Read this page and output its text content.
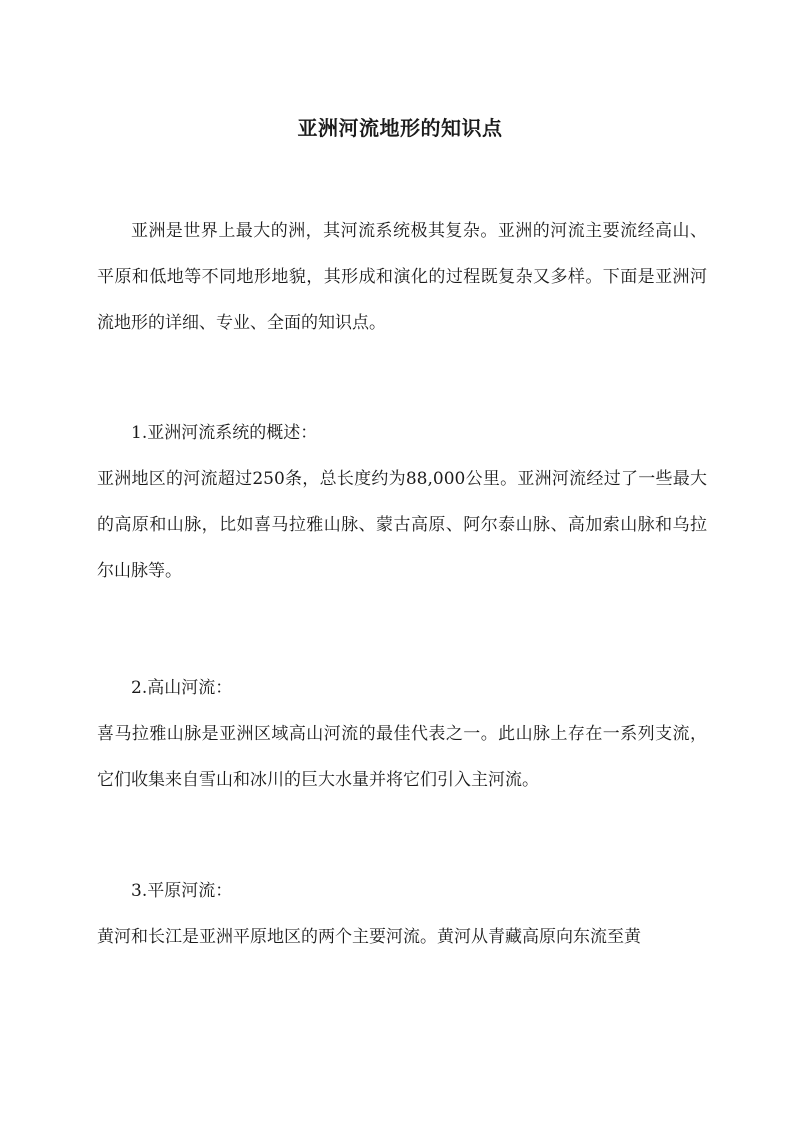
亚洲河流地形的知识点

亚洲是世界上最大的洲，其河流系统极其复杂。亚洲的河流主要流经高山、平原和低地等不同地形地貌，其形成和演化的过程既复杂又多样。下面是亚洲河流地形的详细、专业、全面的知识点。

1.亚洲河流系统的概述：

亚洲地区的河流超过250条，总长度约为88,000公里。亚洲河流经过了一些最大的高原和山脉，比如喜马拉雅山脉、蒙古高原、阿尔泰山脉、高加索山脉和乌拉尔山脉等。

2.高山河流：

喜马拉雅山脉是亚洲区域高山河流的最佳代表之一。此山脉上存在一系列支流，它们收集来自雪山和冰川的巨大水量并将它们引入主河流。

3.平原河流：

黄河和长江是亚洲平原地区的两个主要河流。黄河从青藏高原向东流至黄
